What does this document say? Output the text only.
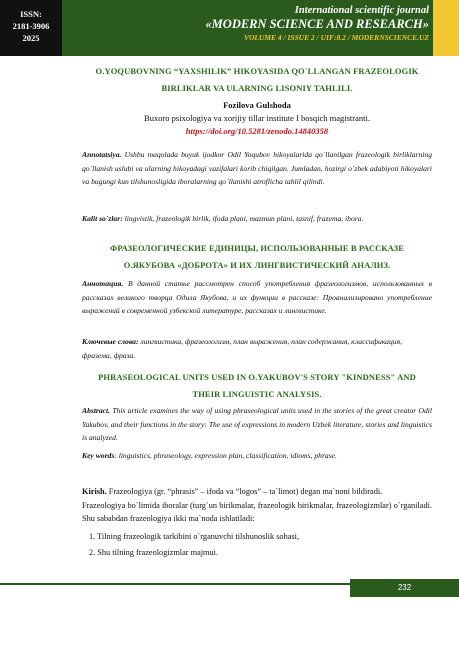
ISSN:
2181-3906
2025
International scientific journal
«MODERN SCIENCE AND RESEARCH»
VOLUME 4 / ISSUE 2 / UIF:8.2 / MODERNSCIENCE.UZ
O.YOQUBOVNING “YAXSHILIK” HIKOYASIDA QO`LLANGAN FRAZEOLOGIK
BIRLIKLAR VA ULARNING LISONIY TAHLILI.
Fozilova Gulshoda
Buxoro psixologiya va xorijiy tillar institute I bosqich magistranti.
https://doi.org/10.5281/zenodo.14840358
Annotatsiya. Ushbu maqolada buyuk ijodkor Odil Yoqubov hikoyalarida qo`llanilgan frazeologik birliklarning qo`llanish uslubi va ularning hikoyadagi vazifalari korib chiqilgan. Jumladan, hozirgi o`zbek adabiyoti hikoyalari va bugungi kun tilshunosligida iboralarning qo`llanishi atroflicha tahlil qilindi.
Kalit so`zlar: lingvistik, frazeologik birlik, ifoda plani, mazmun plani, tasnif, frazema, ibora.
ФРАЗЕОЛОГИЧЕСКИЕ ЕДИНИЦЫ, ИСПОЛЬЗОВАННЫЕ В РАССКАЗЕ
О.ЯКУБОВА «ДОБРОТА» И ИХ ЛИНГВИСТИЧЕСКИЙ АНАЛИЗ.
Аннотация. В данной статье рассмотрен способ употребления фразеологизмов, использованных в рассказах великого творца Одила Якубова, и их функции в рассказе: Проанализировано употребление выражений в современной узбекской литературе, рассказах и лингвистике.
Ключевые слова: лингвистика, фразеологизм, план выражения, план содержания, классификация, фразема, фраза.
PHRASEOLOGICAL UNITS USED IN O.YAKUBOV'S STORY "KINDNESS" AND
THEIR LINGUISTIC ANALYSIS.
Abstract. This article examines the way of using phraseological units used in the stories of the great creator Odil Yakubov, and their functions in the story: The use of expressions in modern Uzbek literature, stories and linguistics is analyzed.
Key words: linguistics, phraseology, expression plan, classification, idioms, phrase.
Kirish. Frazeologiya (gr. “phrasis” – ifoda va “logos” – ta`limot) degan ma`noni bildiradi.
Frazeologiya bo`limida iboralar (turg`un birikmalar, frazeologik birikmalar, frazeologizmlar) o`rganiladi. Shu sababdan frazeologiya ikki ma`noda ishlatiladi:
1. Tilning frazeologik tarkibini o`rganuvchi tilshunoslik sohasi,
2. Shu tilning frazeologizmlar majmui.
232
